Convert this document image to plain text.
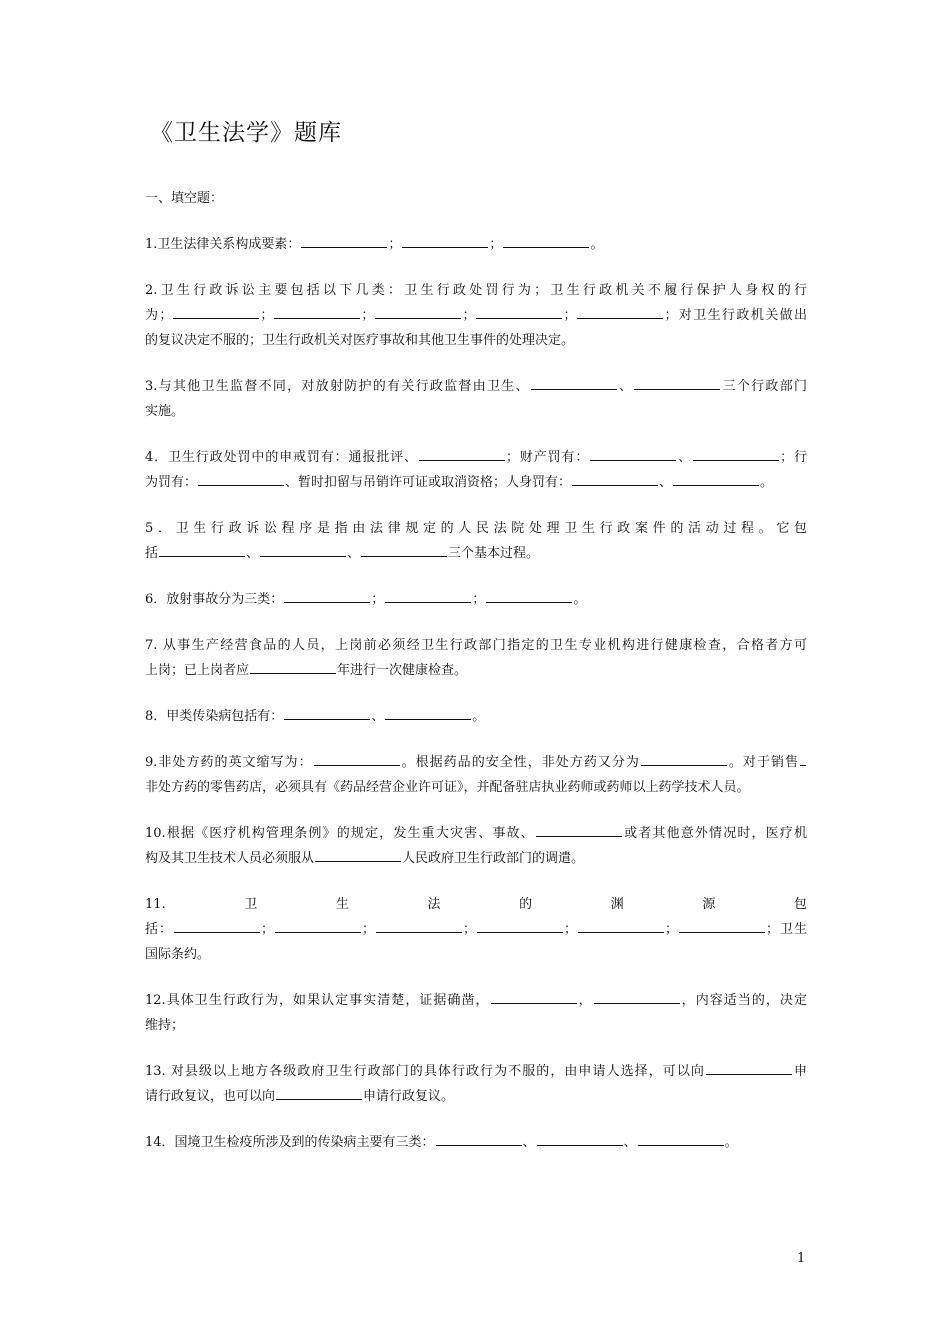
《卫生法学》题库

一、填空题：

1.卫生法律关系构成要素：	；	；	。

2.卫生行政诉讼主要包括以下几类：卫生行政处罚行为；卫生行政机关不履行保护人身权的行
为；	；	；	；	；	；对卫生行政机关做出
的复议决定不服的；卫生行政机关对医疗事故和其他卫生事件的处理决定。

3.与其他卫生监督不同，对放射防护的有关行政监督由卫生、	、	三个行政部门
实施。

4．卫生行政处罚中的申戒罚有：通报批评、	；财产罚有：	、	；行
为罚有：	、暂时扣留与吊销许可证或取消资格；人身罚有：	、	。

5．卫生行政诉讼程序是指由法律规定的人民法院处理卫生行政案件的活动过程。它包
括	、	、	三个基本过程。

6．放射事故分为三类：	；	；	。

7. 从事生产经营食品的人员，上岗前必须经卫生行政部门指定的卫生专业机构进行健康检查，合格者方可
上岗；已上岗者应	年进行一次健康检查。

8．甲类传染病包括有：	、	。

9.非处方药的英文缩写为：	。根据药品的安全性，非处方药又分为	。对于销售
非处方药的零售药店，必须具有《药品经营企业许可证》，并配备驻店执业药师或药师以上药学技术人员。

10.根据《医疗机构管理条例》的规定，发生重大灾害、事故、	或者其他意外情况时，医疗机
构及其卫生技术人员必须服从	人民政府卫生行政部门的调遣。

11.卫生法的渊源包
括：	；	；	；	；	；	；卫生
国际条约。

12.具体卫生行政行为，如果认定事实清楚，证据确凿，	，	，内容适当的，决定
维持；

13. 对县级以上地方各级政府卫生行政部门的具体行政行为不服的，由申请人选择，可以向	申
请行政复议，也可以向	申请行政复议。

14．国境卫生检疫所涉及到的传染病主要有三类：	、	、	。

1
